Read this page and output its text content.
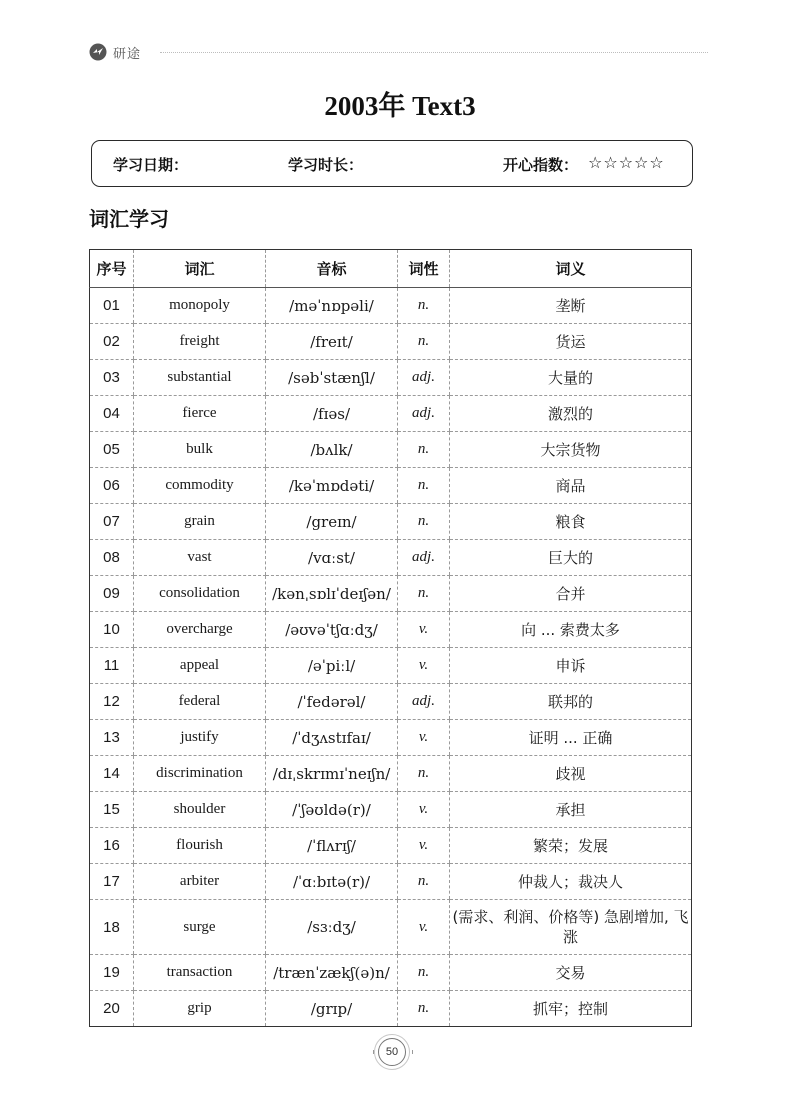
研途
2003年 Text3
学习日期：	学习时长：	开心指数： ☆☆☆☆☆
词汇学习
序号	词汇	音标	词性	词义
01	monopoly	/məˈnɒpəli/	n.	垄断
02	freight	/freɪt/	n.	货运
03	substantial	/səbˈstænʃl/	adj.	大量的
04	fierce	/fɪəs/	adj.	激烈的
05	bulk	/bʌlk/	n.	大宗货物
06	commodity	/kəˈmɒdəti/	n.	商品
07	grain	/greɪn/	n.	粮食
08	vast	/vɑːst/	adj.	巨大的
09	consolidation	/kənˌsɒlɪˈdeɪʃən/	n.	合并
10	overcharge	/əʊvəˈtʃɑːdʒ/	v.	向 ... 索费太多
11	appeal	/əˈpiːl/	v.	申诉
12	federal	/ˈfedərəl/	adj.	联邦的
13	justify	/ˈdʒʌstɪfaɪ/	v.	证明 ... 正确
14	discrimination	/dɪˌskrɪmɪˈneɪʃn/	n.	歧视
15	shoulder	/ˈʃəʊldə(r)/	v.	承担
16	flourish	/ˈflʌrɪʃ/	v.	繁荣；发展
17	arbiter	/ˈɑːbɪtə(r)/	n.	仲裁人；裁决人
18	surge	/sɜːdʒ/	v.	(需求、利润、价格等) 急剧增加, 飞涨
19	transaction	/trænˈzækʃ(ə)n/	n.	交易
20	grip	/grɪp/	n.	抓牢；控制
50
